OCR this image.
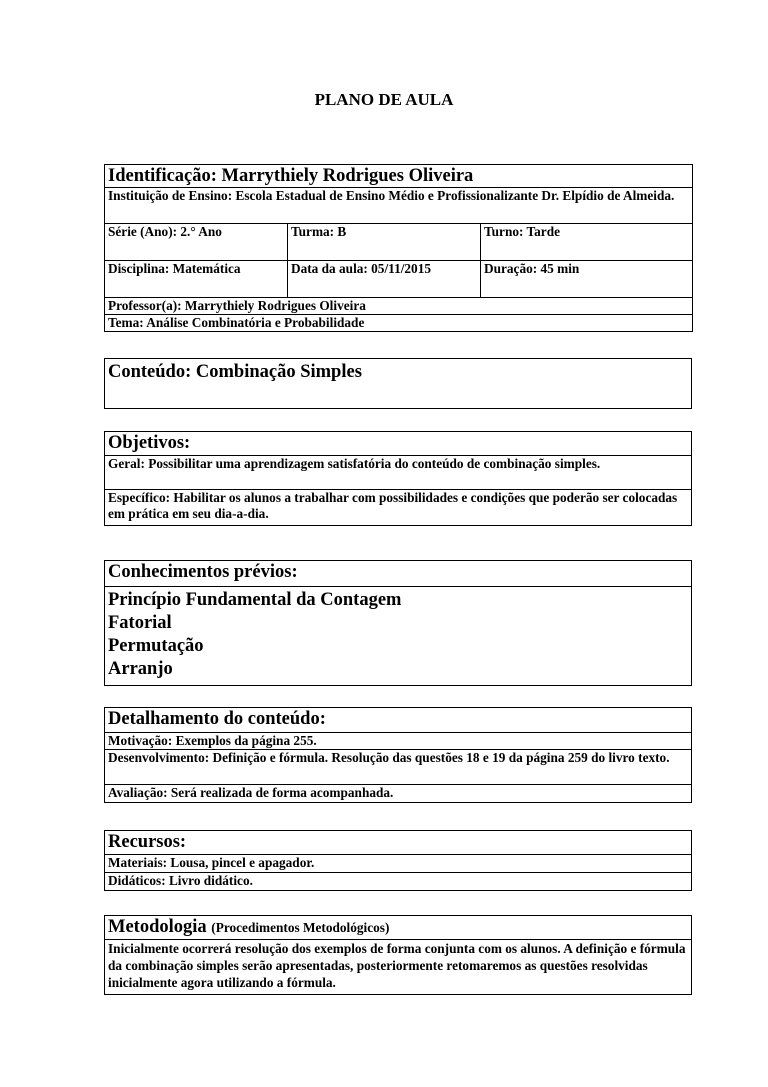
PLANO DE AULA
Identificação: Marrythiely Rodrigues Oliveira		
Instituição de Ensino: Escola Estadual de Ensino Médio e Profissionalizante Dr. Elpídio de Almeida.		
Série (Ano): 2.° Ano	Turma: B	Turno: Tarde
Disciplina: Matemática	Data da aula: 05/11/2015	Duração: 45 min
Professor(a): Marrythiely Rodrigues Oliveira		
Tema: Análise Combinatória e Probabilidade		
Conteúdo: Combinação Simples
Objetivos:
Geral: Possibilitar uma aprendizagem satisfatória do conteúdo de combinação simples.
Específico: Habilitar os alunos a trabalhar com possibilidades e condições que poderão ser colocadas em prática em seu dia-a-dia.
Conhecimentos prévios:

Princípio Fundamental da Contagem
Fatorial
Permutação
Arranjo
Detalhamento do conteúdo:
Motivação: Exemplos da página 255.
Desenvolvimento: Definição e fórmula. Resolução das questões 18 e 19 da página 259 do livro texto.
Avaliação: Será realizada de forma acompanhada.
Recursos:
Materiais: Lousa, pincel e apagador.
Didáticos: Livro didático.
Metodologia (Procedimentos Metodológicos)
Inicialmente ocorrerá resolução dos exemplos de forma conjunta com os alunos. A definição e fórmula da combinação simples serão apresentadas, posteriormente retomaremos as questões resolvidas inicialmente agora utilizando a fórmula.
